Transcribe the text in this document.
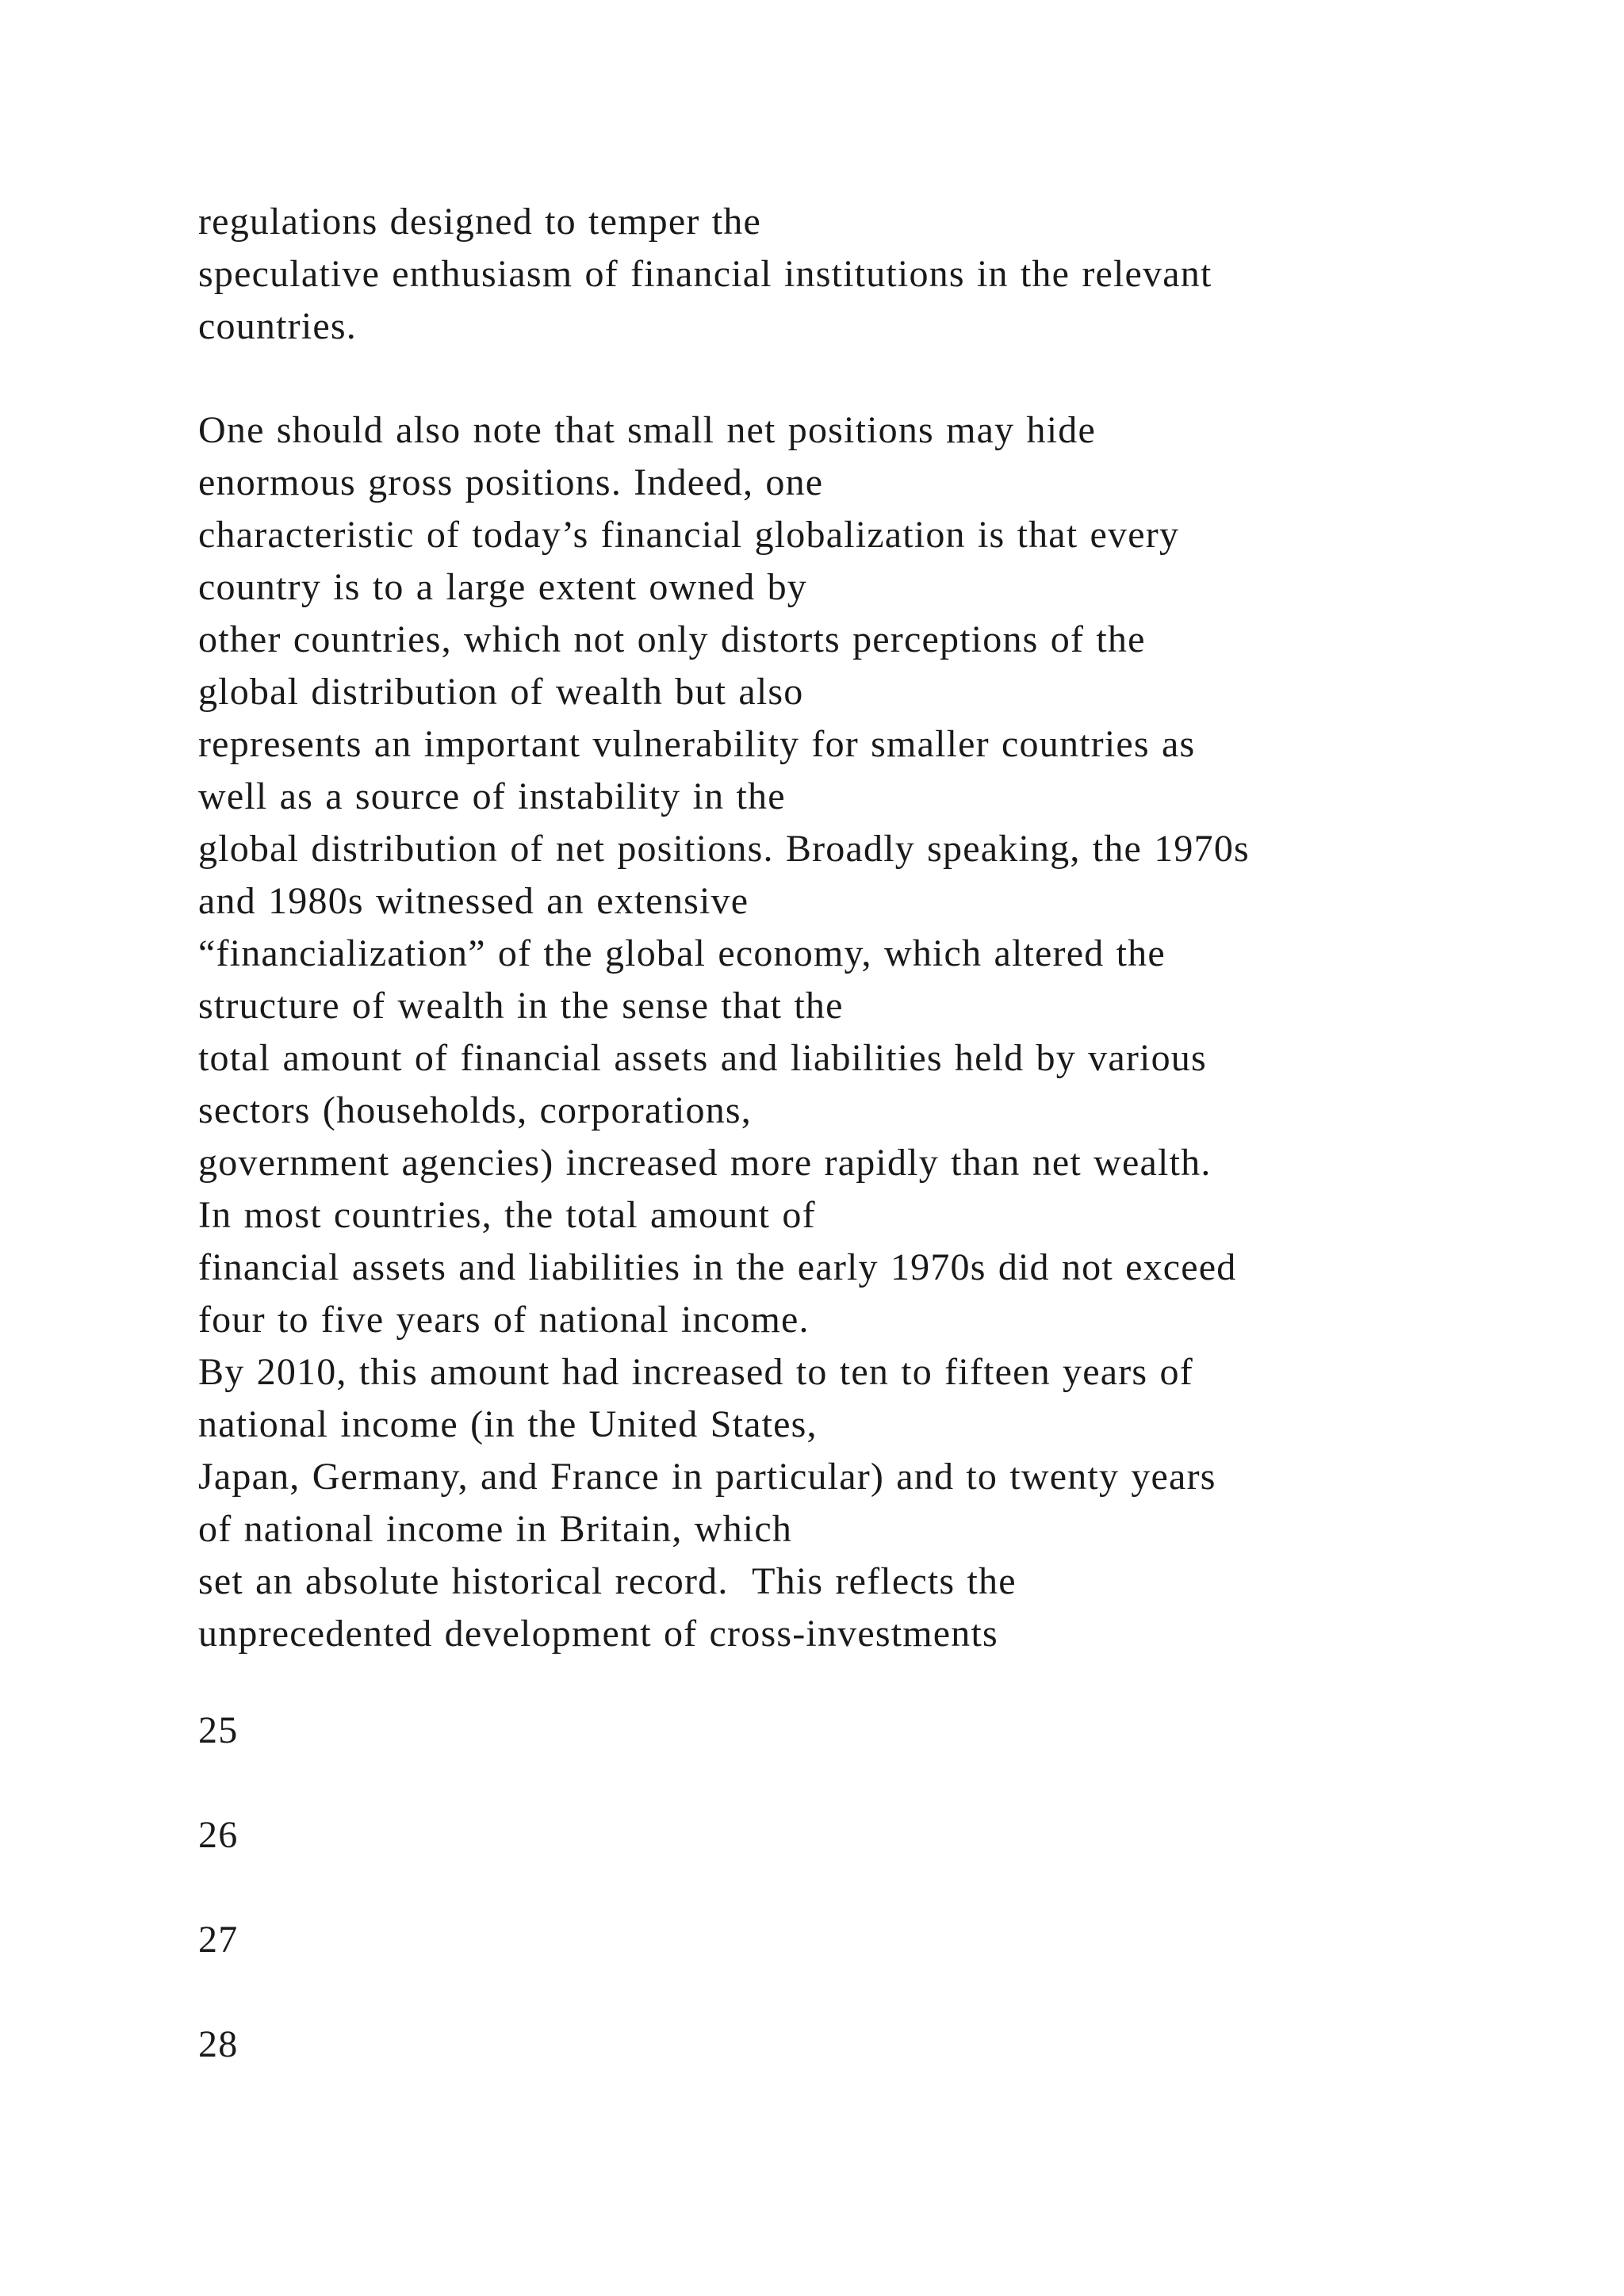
regulations designed to temper the
speculative enthusiasm of financial institutions in the relevant
countries.
One should also note that small net positions may hide
enormous gross positions. Indeed, one
characteristic of today’s financial globalization is that every
country is to a large extent owned by
other countries, which not only distorts perceptions of the
global distribution of wealth but also
represents an important vulnerability for smaller countries as
well as a source of instability in the
global distribution of net positions. Broadly speaking, the 1970s
and 1980s witnessed an extensive
“financialization” of the global economy, which altered the
structure of wealth in the sense that the
total amount of financial assets and liabilities held by various
sectors (households, corporations,
government agencies) increased more rapidly than net wealth.
In most countries, the total amount of
financial assets and liabilities in the early 1970s did not exceed
four to five years of national income.
By 2010, this amount had increased to ten to fifteen years of
national income (in the United States,
Japan, Germany, and France in particular) and to twenty years
of national income in Britain, which
set an absolute historical record.  This reflects the
unprecedented development of cross-investments
25
26
27
28
